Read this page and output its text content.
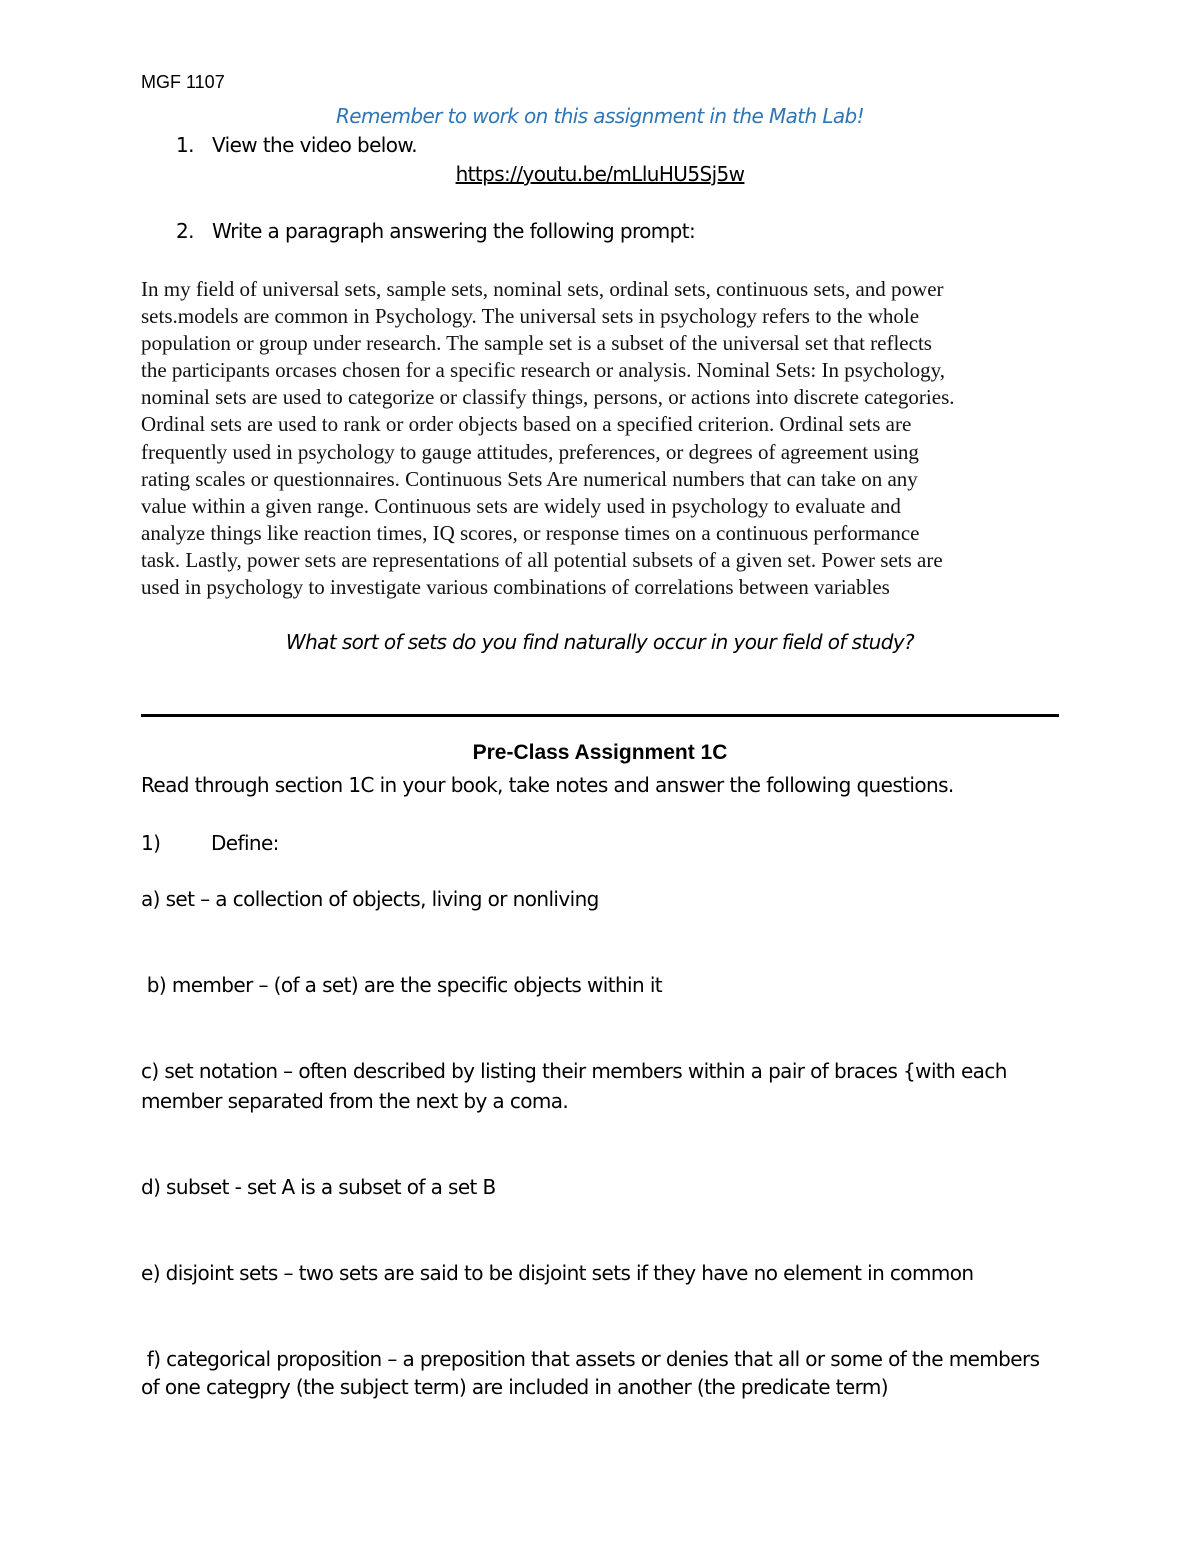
MGF 1107
Remember to work on this assignment in the Math Lab!
1. View the video below.
https://youtu.be/mLluHU5Sj5w
2. Write a paragraph answering the following prompt:
In my field of universal sets, sample sets, nominal sets, ordinal sets, continuous sets, and power
sets.models are common in Psychology. The universal sets in psychology refers to the whole
population or group under research. The sample set is a subset of the universal set that reflects
the participants orcases chosen for a specific research or analysis. Nominal Sets: In psychology,
nominal sets are used to categorize or classify things, persons, or actions into discrete categories.
Ordinal sets are used to rank or order objects based on a specified criterion. Ordinal sets are
frequently used in psychology to gauge attitudes, preferences, or degrees of agreement using
rating scales or questionnaires. Continuous Sets Are numerical numbers that can take on any
value within a given range. Continuous sets are widely used in psychology to evaluate and
analyze things like reaction times, IQ scores, or response times on a continuous performance
task. Lastly, power sets are representations of all potential subsets of a given set. Power sets are
used in psychology to investigate various combinations of correlations between variables
What sort of sets do you find naturally occur in your field of study?
Pre-Class Assignment 1C
Read through section 1C in your book, take notes and answer the following questions.
1)	Define:
a) set – a collection of objects, living or nonliving
b) member – (of a set) are the specific objects within it
c) set notation – often described by listing their members within a pair of braces {with each
member separated from the next by a coma.
d) subset - set A is a subset of a set B
e) disjoint sets – two sets are said to be disjoint sets if they have no element in common
f) categorical proposition – a preposition that assets or denies that all or some of the members
of one categpry (the subject term) are included in another (the predicate term)
